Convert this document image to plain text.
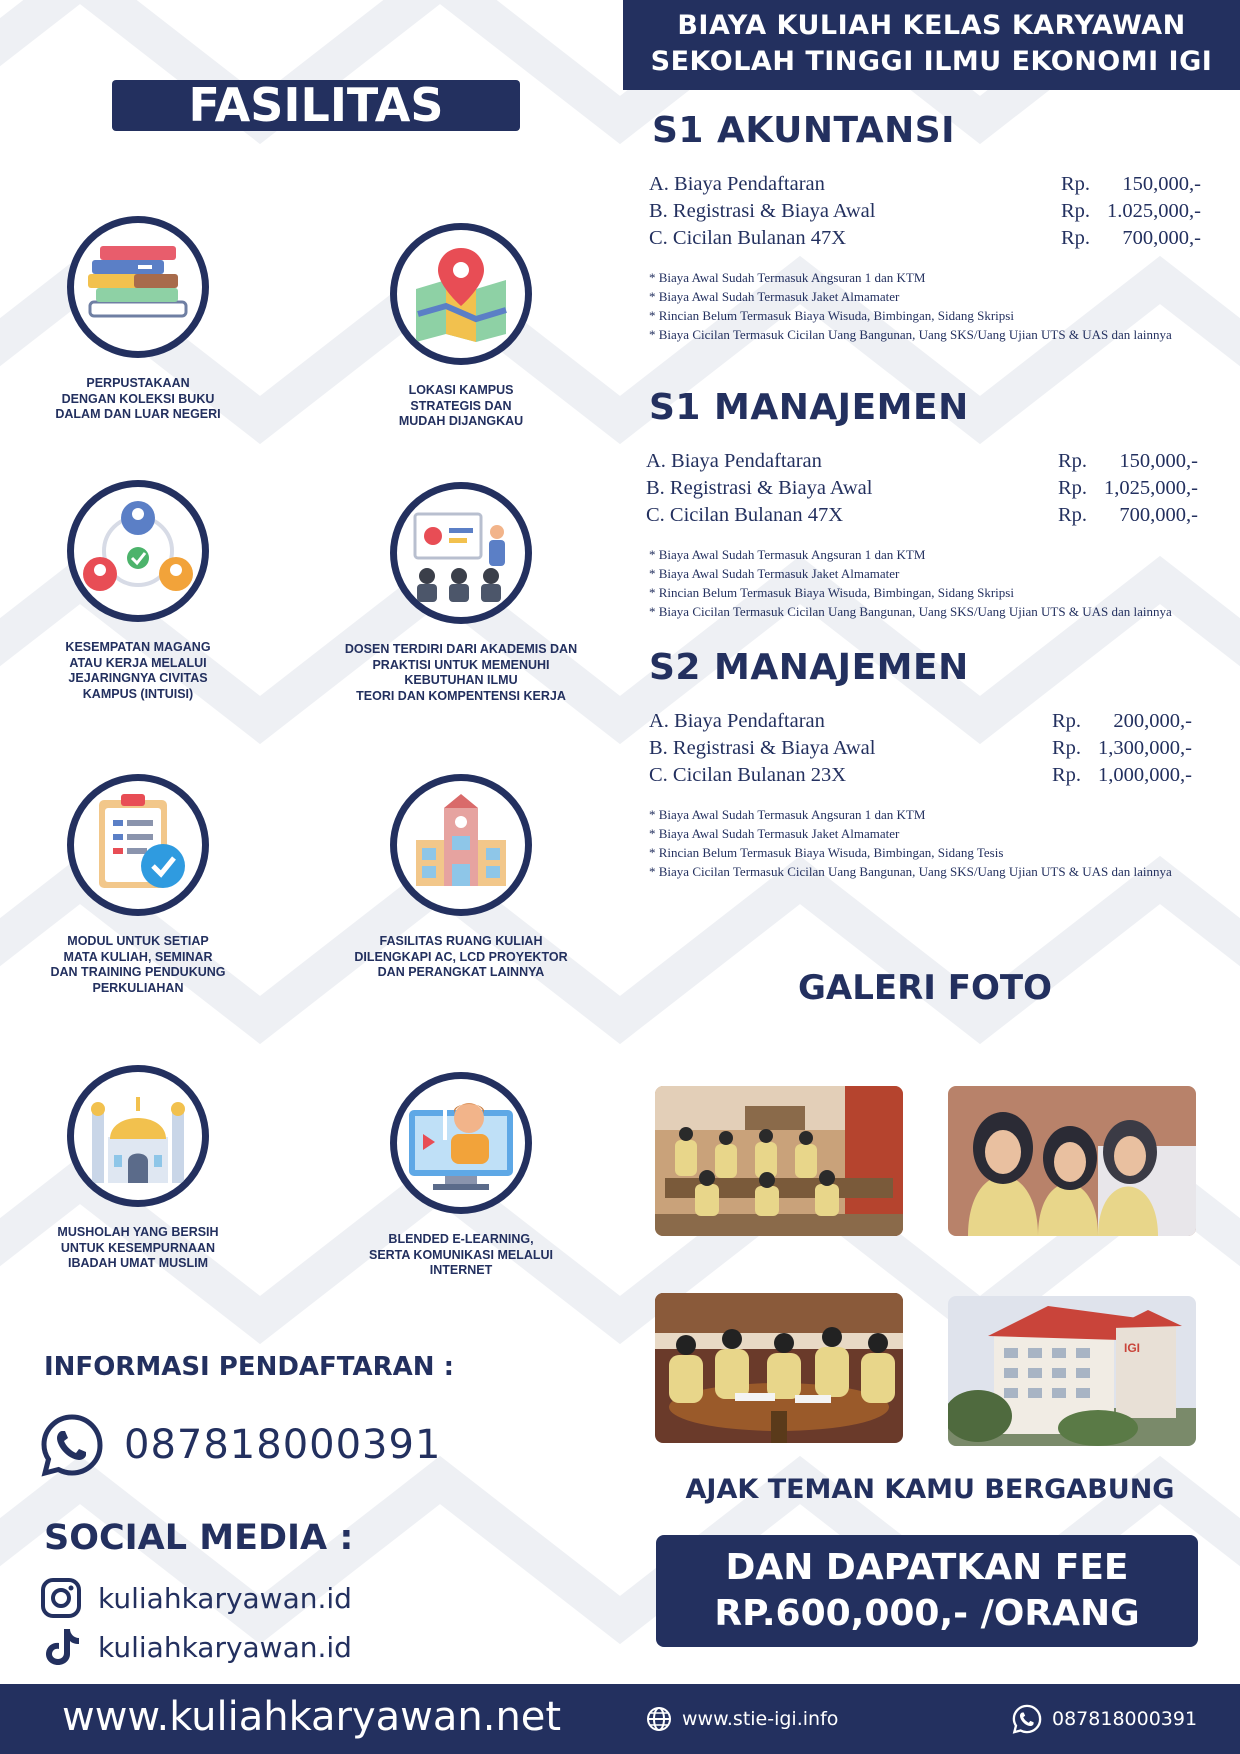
BIAYA KULIAH KELAS KARYAWAN
SEKOLAH TINGGI ILMU EKONOMI IGI
FASILITAS
PERPUSTAKAAN
DENGAN KOLEKSI BUKU
DALAM DAN LUAR NEGERI
LOKASI KAMPUS
STRATEGIS DAN
MUDAH DIJANGKAU
KESEMPATAN MAGANG
ATAU KERJA MELALUI
JEJARINGNYA CIVITAS
KAMPUS (INTUISI)
DOSEN TERDIRI DARI AKADEMIS DAN
PRAKTISI UNTUK MEMENUHI
KEBUTUHAN ILMU
TEORI DAN KOMPENTENSI KERJA
MODUL UNTUK SETIAP
MATA KULIAH, SEMINAR
DAN TRAINING PENDUKUNG
PERKULIAHAN
FASILITAS RUANG KULIAH
DILENGKAPI AC, LCD PROYEKTOR
DAN PERANGKAT LAINNYA
MUSHOLAH YANG BERSIH
UNTUK KESEMPURNAAN
IBADAH UMAT MUSLIM
BLENDED E-LEARNING,
SERTA KOMUNIKASI MELALUI
INTERNET
S1 AKUNTANSI
A. Biaya Pendaftaran	Rp.	150,000,-
B. Registrasi & Biaya Awal	Rp. 1.025,000,-
C. Cicilan Bulanan 47X	Rp.	700,000,-
* Biaya Awal Sudah Termasuk Angsuran 1 dan KTM
* Biaya Awal Sudah Termasuk Jaket Almamater
* Rincian Belum Termasuk Biaya Wisuda, Bimbingan, Sidang Skripsi
* Biaya Cicilan Termasuk Cicilan Uang Bangunan, Uang SKS/Uang Ujian UTS & UAS dan lainnya
S1 MANAJEMEN
A. Biaya Pendaftaran	Rp.	150,000,-
B. Registrasi & Biaya Awal	Rp. 1,025,000,-
C. Cicilan Bulanan 47X	Rp.	700,000,-
* Biaya Awal Sudah Termasuk Angsuran 1 dan KTM
* Biaya Awal Sudah Termasuk Jaket Almamater
* Rincian Belum Termasuk Biaya Wisuda, Bimbingan, Sidang Skripsi
* Biaya Cicilan Termasuk Cicilan Uang Bangunan, Uang SKS/Uang Ujian UTS & UAS dan lainnya
S2 MANAJEMEN
A. Biaya Pendaftaran	Rp.	200,000,-
B. Registrasi & Biaya Awal	Rp. 1,300,000,-
C. Cicilan Bulanan 23X	Rp. 1,000,000,-
* Biaya Awal Sudah Termasuk Angsuran 1 dan KTM
* Biaya Awal Sudah Termasuk Jaket Almamater
* Rincian Belum Termasuk Biaya Wisuda, Bimbingan, Sidang Tesis
* Biaya Cicilan Termasuk Cicilan Uang Bangunan, Uang SKS/Uang Ujian UTS & UAS dan lainnya
GALERI FOTO
IGI
INFORMASI PENDAFTARAN :
087818000391
SOCIAL MEDIA :
kuliahkaryawan.id
kuliahkaryawan.id
AJAK TEMAN KAMU BERGABUNG
DAN DAPATKAN FEE
RP.600,000,- /ORANG
www.kuliahkaryawan.net	www.stie-igi.info	087818000391
